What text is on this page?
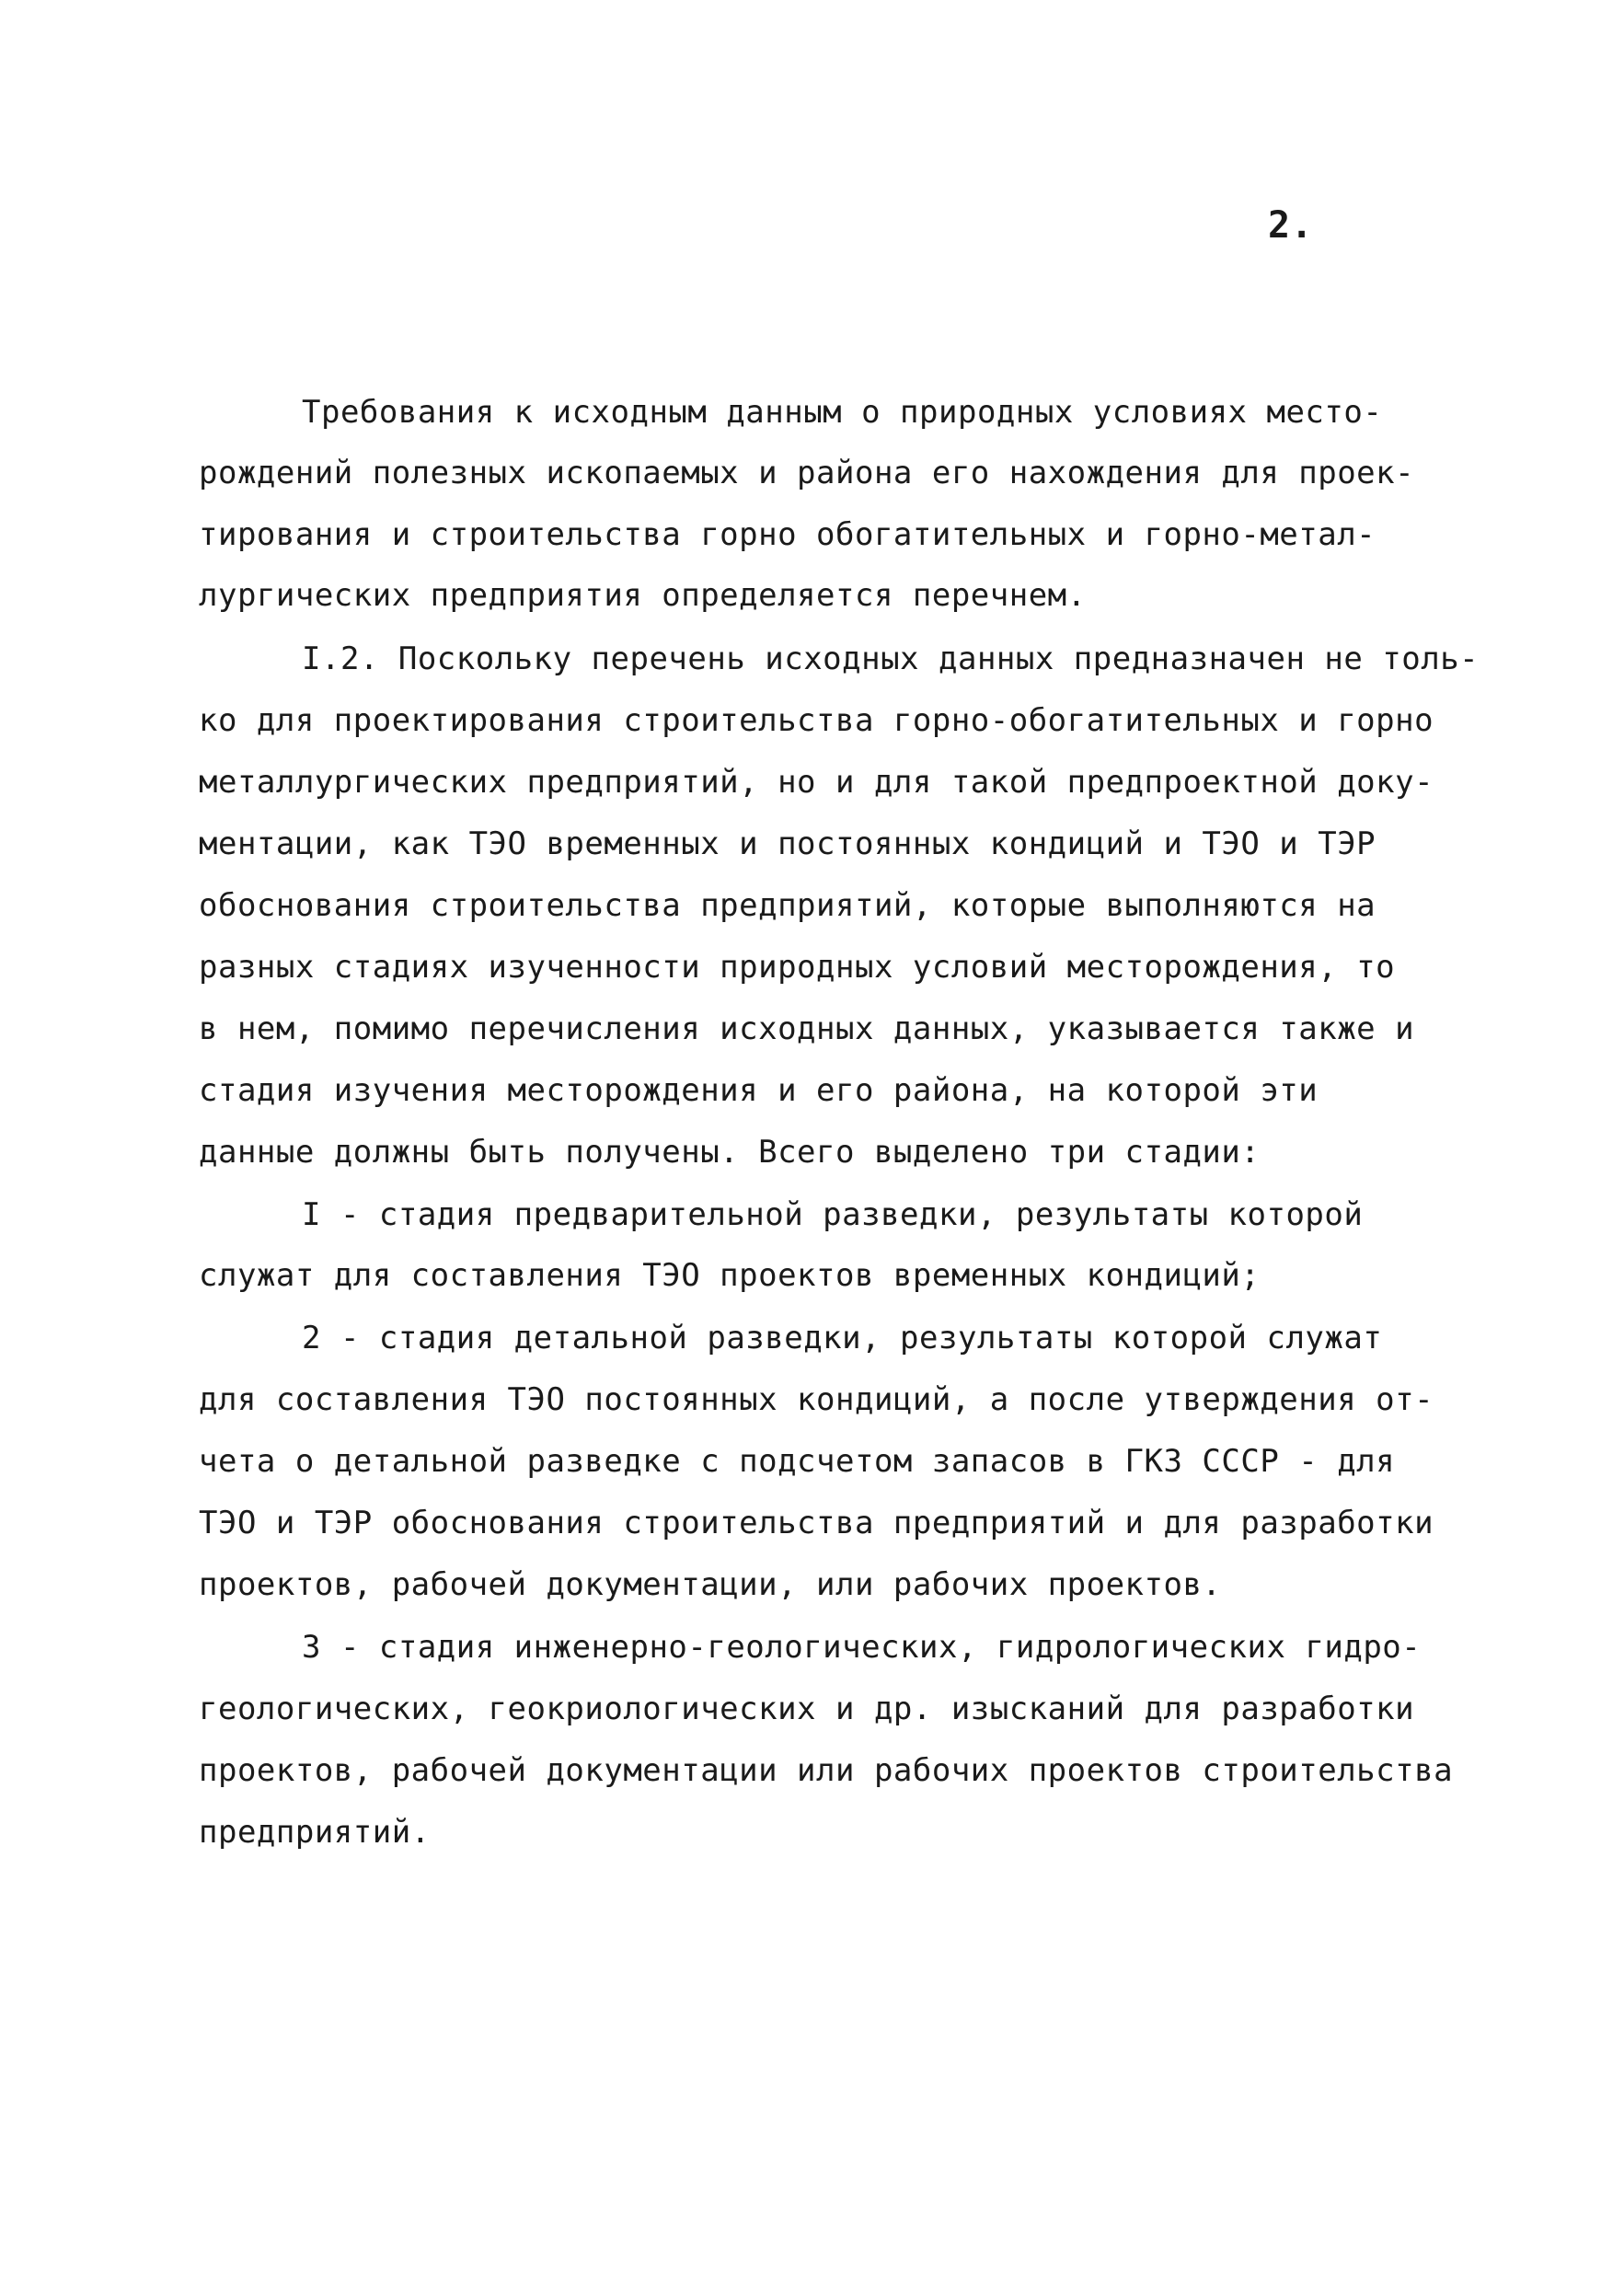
2.
Требования к исходным данным о природных условиях место-
рождений полезных ископаемых и района его нахождения для проек-
тирования и строительства горно обогатительных и горно-метал-
лургических предприятия определяется перечнем.
I.2. Поскольку перечень исходных данных предназначен не толь-
ко для проектирования строительства горно-обогатительных и горно
металлургических предприятий, но и для такой предпроектной доку-
ментации, как ТЭО временных и постоянных кондиций и ТЭО и ТЭР
обоснования строительства предприятий, которые выполняются на
разных стадиях изученности природных условий месторождения, то
в нем, помимо перечисления исходных данных, указывается также и
стадия изучения месторождения и его района, на которой эти
данные должны быть получены. Всего выделено три стадии:
I - стадия предварительной разведки, результаты которой
служат для составления ТЭО проектов временных кондиций;
2 - стадия детальной разведки, результаты которой служат
для составления ТЭО постоянных кондиций, а после утверждения от-
чета о детальной разведке с подсчетом запасов в ГКЗ СССР - для
ТЭО и ТЭР обоснования строительства предприятий и для разработки
проектов, рабочей документации, или рабочих проектов.
3 - стадия инженерно-геологических, гидрологических гидро-
геологических, геокриологических и др. изысканий для разработки
проектов, рабочей документации или рабочих проектов строительства
предприятий.
